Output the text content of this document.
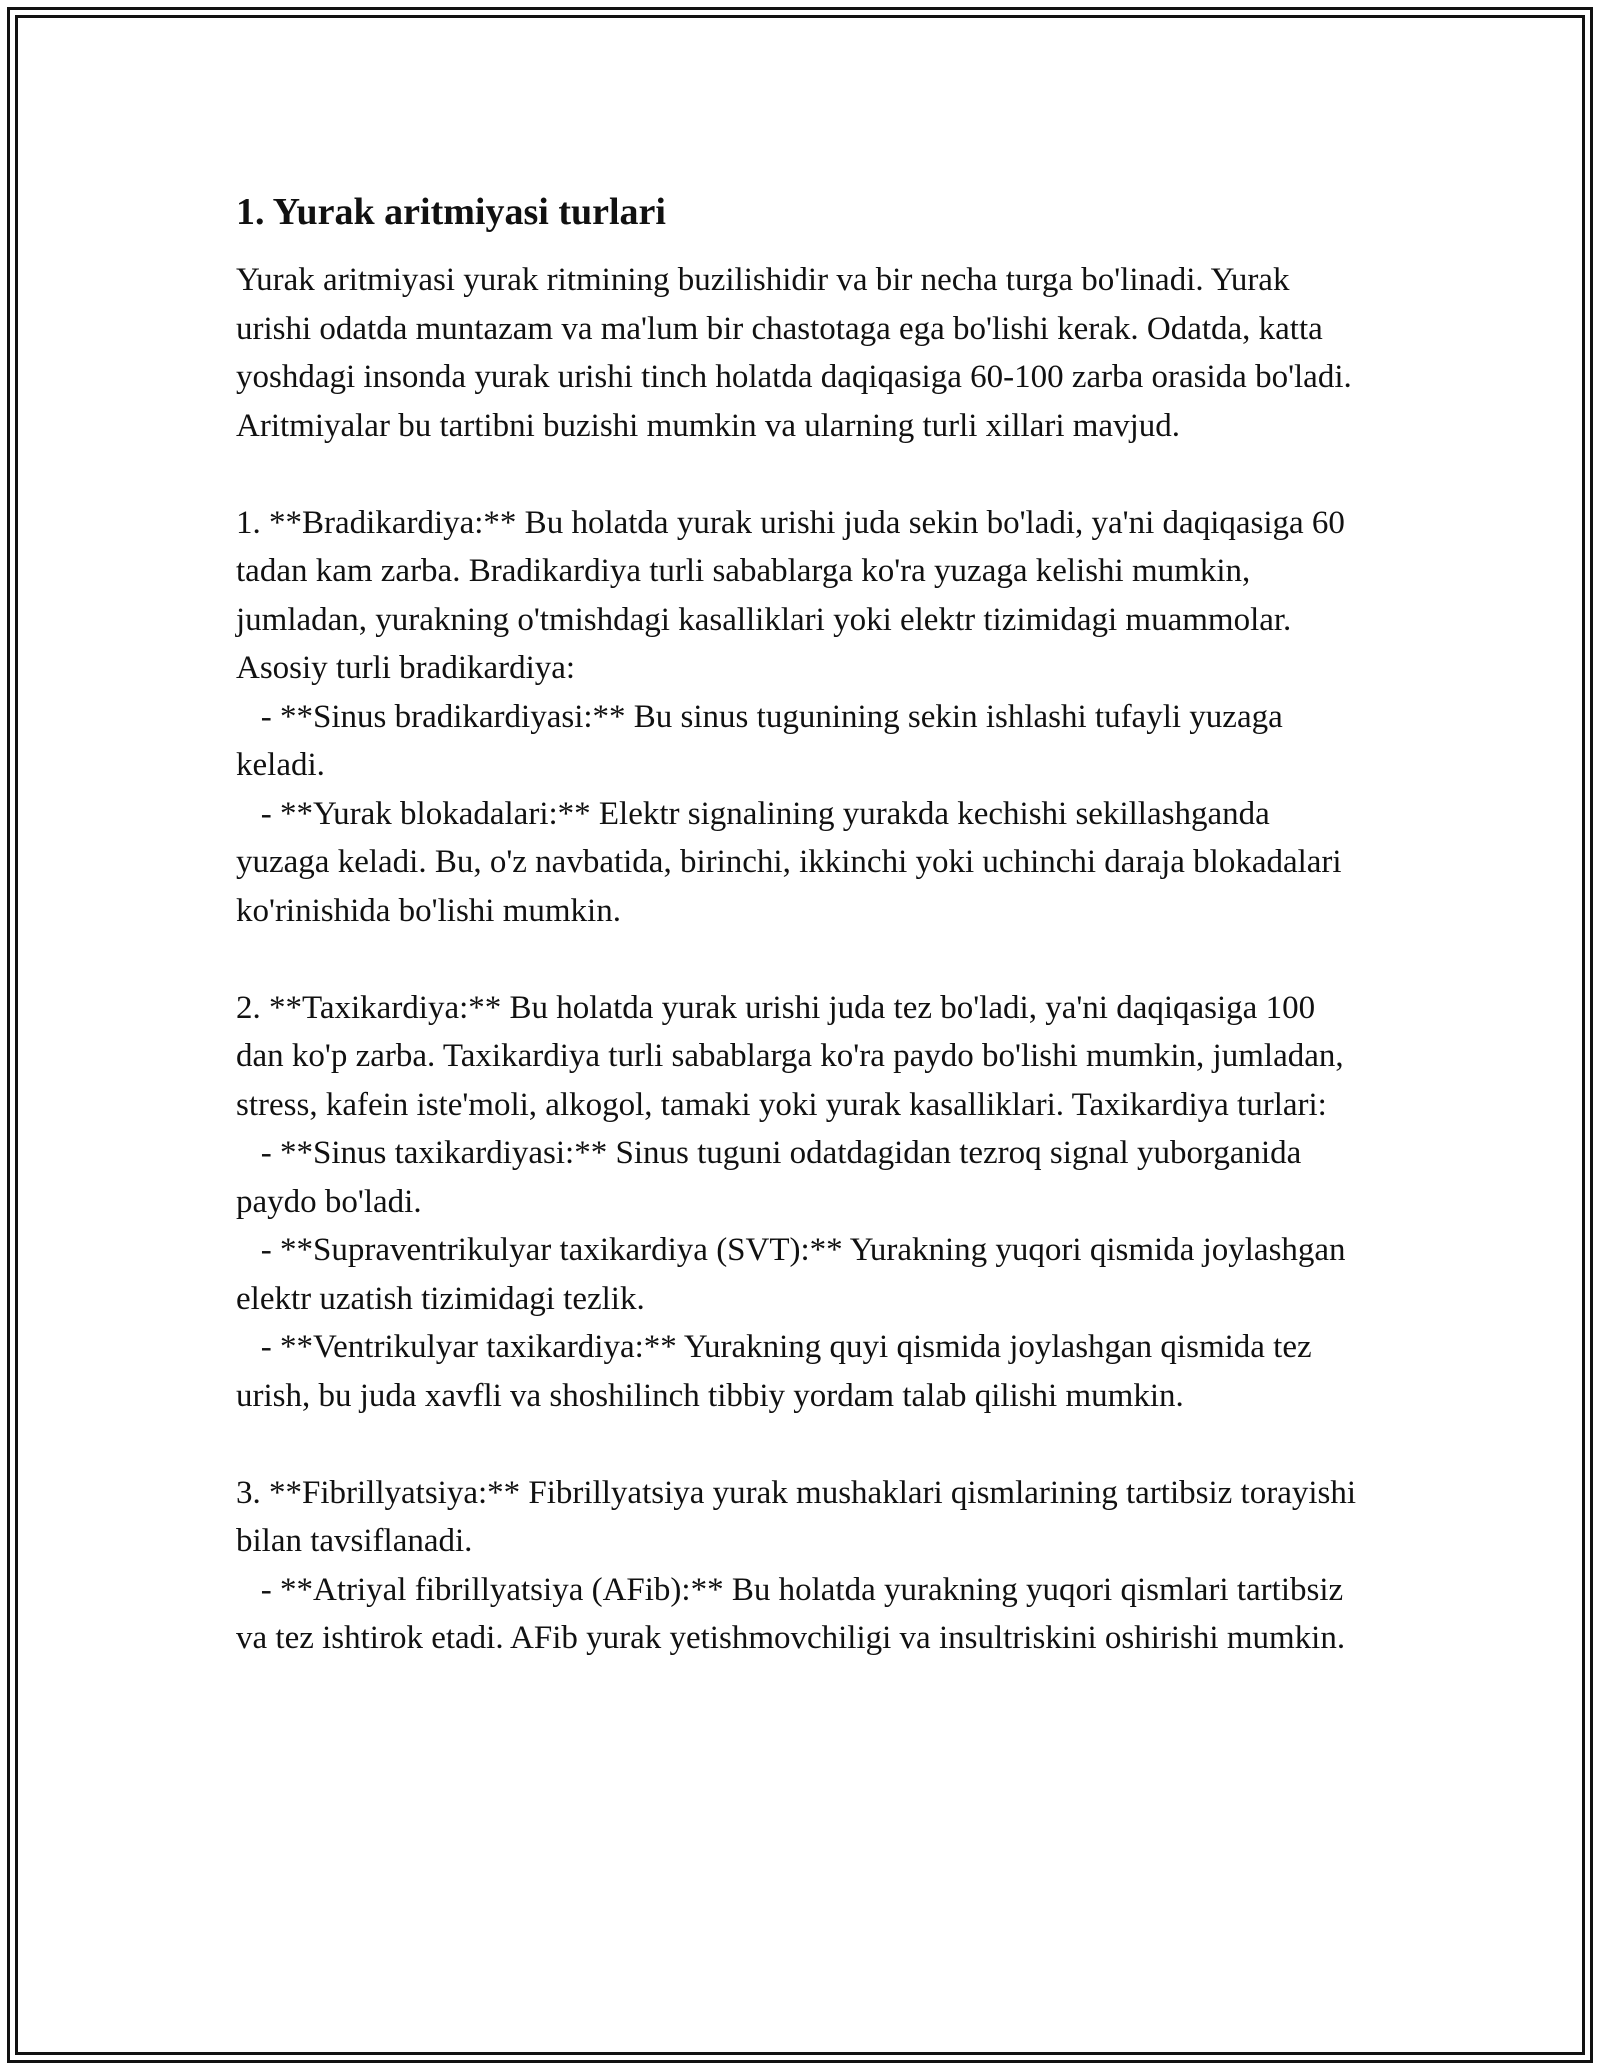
1. Yurak aritmiyasi turlari

Yurak aritmiyasi yurak ritmining buzilishidir va bir necha turga bo'linadi. Yurak urishi odatda muntazam va ma'lum bir chastotaga ega bo'lishi kerak. Odatda, katta yoshdagi insonda yurak urishi tinch holatda daqiqasiga 60-100 zarba orasida bo'ladi. Aritmiyalar bu tartibni buzishi mumkin va ularning turli xillari mavjud.

1. **Bradikardiya:** Bu holatda yurak urishi juda sekin bo'ladi, ya'ni daqiqasiga 60 tadan kam zarba. Bradikardiya turli sabablarga ko'ra yuzaga kelishi mumkin, jumladan, yurakning o'tmishdagi kasalliklari yoki elektr tizimidagi muammolar. Asosiy turli bradikardiya:
- **Sinus bradikardiyasi:** Bu sinus tugunining sekin ishlashi tufayli yuzaga keladi.
- **Yurak blokadalari:** Elektr signalining yurakda kechishi sekillashganda yuzaga keladi. Bu, o'z navbatida, birinchi, ikkinchi yoki uchinchi daraja blokadalari ko'rinishida bo'lishi mumkin.

2. **Taxikardiya:** Bu holatda yurak urishi juda tez bo'ladi, ya'ni daqiqasiga 100 dan ko'p zarba. Taxikardiya turli sabablarga ko'ra paydo bo'lishi mumkin, jumladan, stress, kafein iste'moli, alkogol, tamaki yoki yurak kasalliklari. Taxikardiya turlari:
- **Sinus taxikardiyasi:** Sinus tuguni odatdagidan tezroq signal yuborganida paydo bo'ladi.
- **Supraventrikulyar taxikardiya (SVT):** Yurakning yuqori qismida joylashgan elektr uzatish tizimidagi tezlik.
- **Ventrikulyar taxikardiya:** Yurakning quyi qismida joylashgan qismida tez urish, bu juda xavfli va shoshilinch tibbiy yordam talab qilishi mumkin.

3. **Fibrillyatsiya:** Fibrillyatsiya yurak mushaklari qismlarining tartibsiz torayishi bilan tavsiflanadi.
- **Atriyal fibrillyatsiya (AFib):** Bu holatda yurakning yuqori qismlari tartibsiz va tez ishtirok etadi. AFib yurak yetishmovchiligi va insultriskini oshirishi mumkin.
